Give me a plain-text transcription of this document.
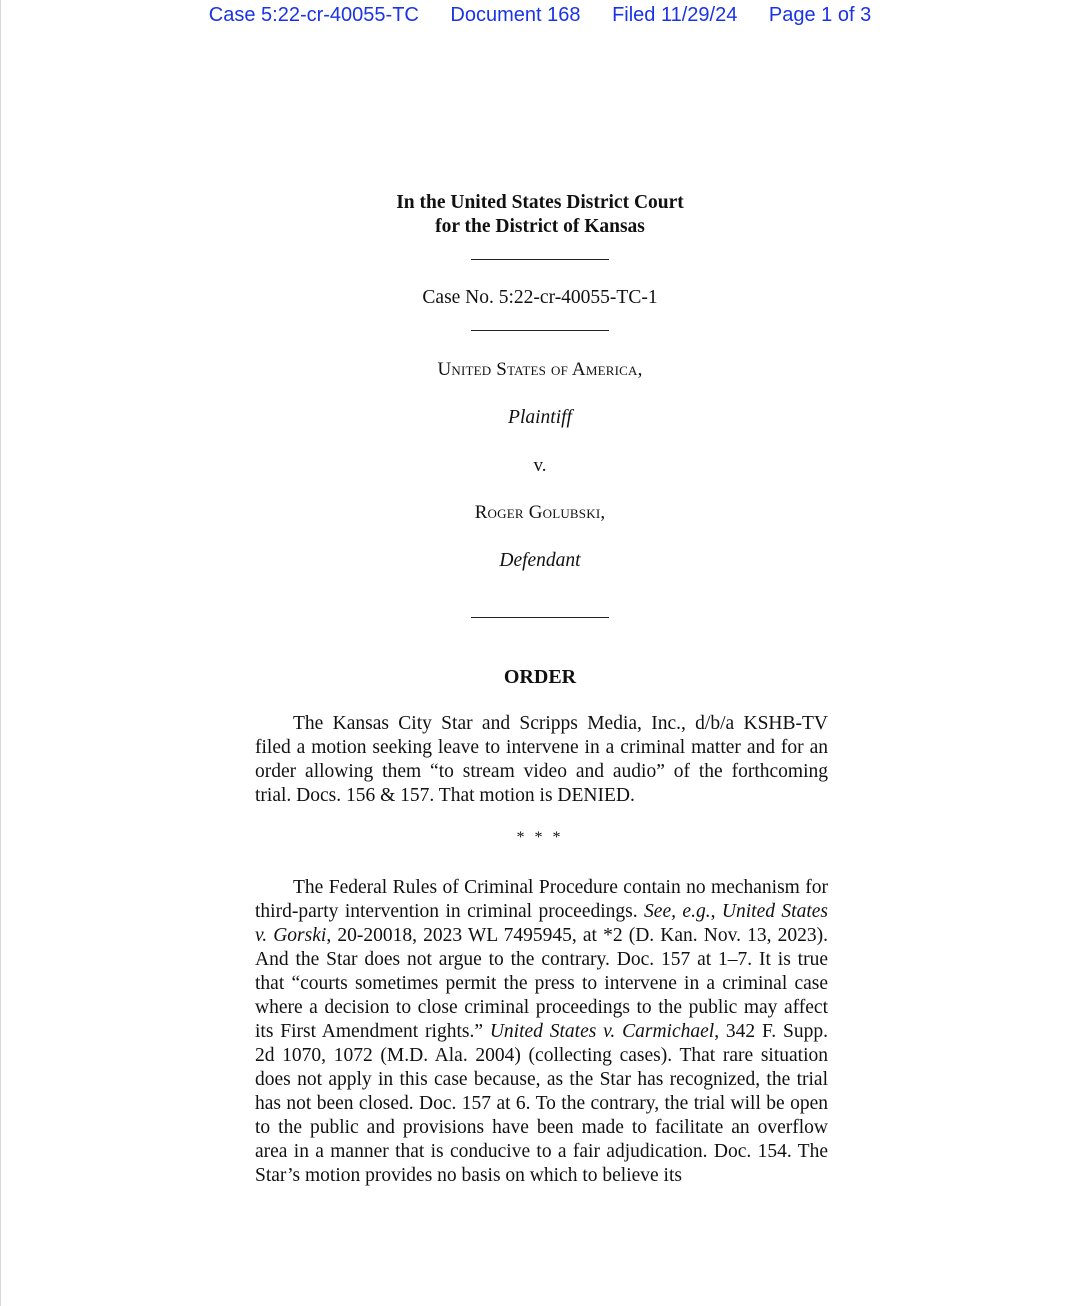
Case 5:22-cr-40055-TC Document 168 Filed 11/29/24 Page 1 of 3
In the United States District Court
for the District of Kansas
Case No. 5:22-cr-40055-TC-1
United States of America,
Plaintiff
v.
Roger Golubski,
Defendant
ORDER
The Kansas City Star and Scripps Media, Inc., d/b/a KSHB-TV filed a motion seeking leave to intervene in a criminal matter and for an order allowing them “to stream video and audio” of the forthcoming trial. Docs. 156 & 157. That motion is DENIED.
* * *
The Federal Rules of Criminal Procedure contain no mechanism for third-party intervention in criminal proceedings. See, e.g., United States v. Gorski, 20-20018, 2023 WL 7495945, at *2 (D. Kan. Nov. 13, 2023). And the Star does not argue to the contrary. Doc. 157 at 1–7. It is true that “courts sometimes permit the press to intervene in a criminal case where a decision to close criminal proceedings to the public may affect its First Amendment rights.” United States v. Carmichael, 342 F. Supp. 2d 1070, 1072 (M.D. Ala. 2004) (collecting cases). That rare situation does not apply in this case because, as the Star has recognized, the trial has not been closed. Doc. 157 at 6. To the contrary, the trial will be open to the public and provisions have been made to facilitate an overflow area in a manner that is conducive to a fair adjudication. Doc. 154. The Star’s motion provides no basis on which to believe its
